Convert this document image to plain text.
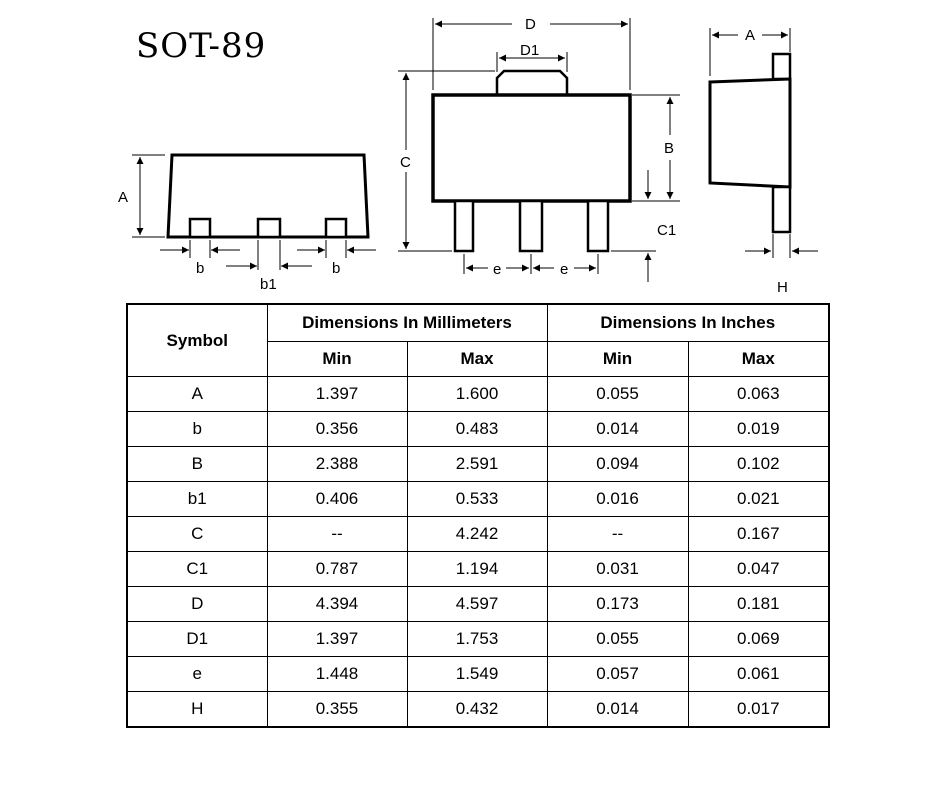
SOT-89
A
b
b1
b
D
D1
C
B
C1
e	e
A
H
Symbol	Dimensions In Millimeters		Dimensions In Inches	
	Min	Max	Min	Max
A	1.397	1.600	0.055	0.063
b	0.356	0.483	0.014	0.019
B	2.388	2.591	0.094	0.102
b1	0.406	0.533	0.016	0.021
C	--	4.242	--	0.167
C1	0.787	1.194	0.031	0.047
D	4.394	4.597	0.173	0.181
D1	1.397	1.753	0.055	0.069
e	1.448	1.549	0.057	0.061
H	0.355	0.432	0.014	0.017
